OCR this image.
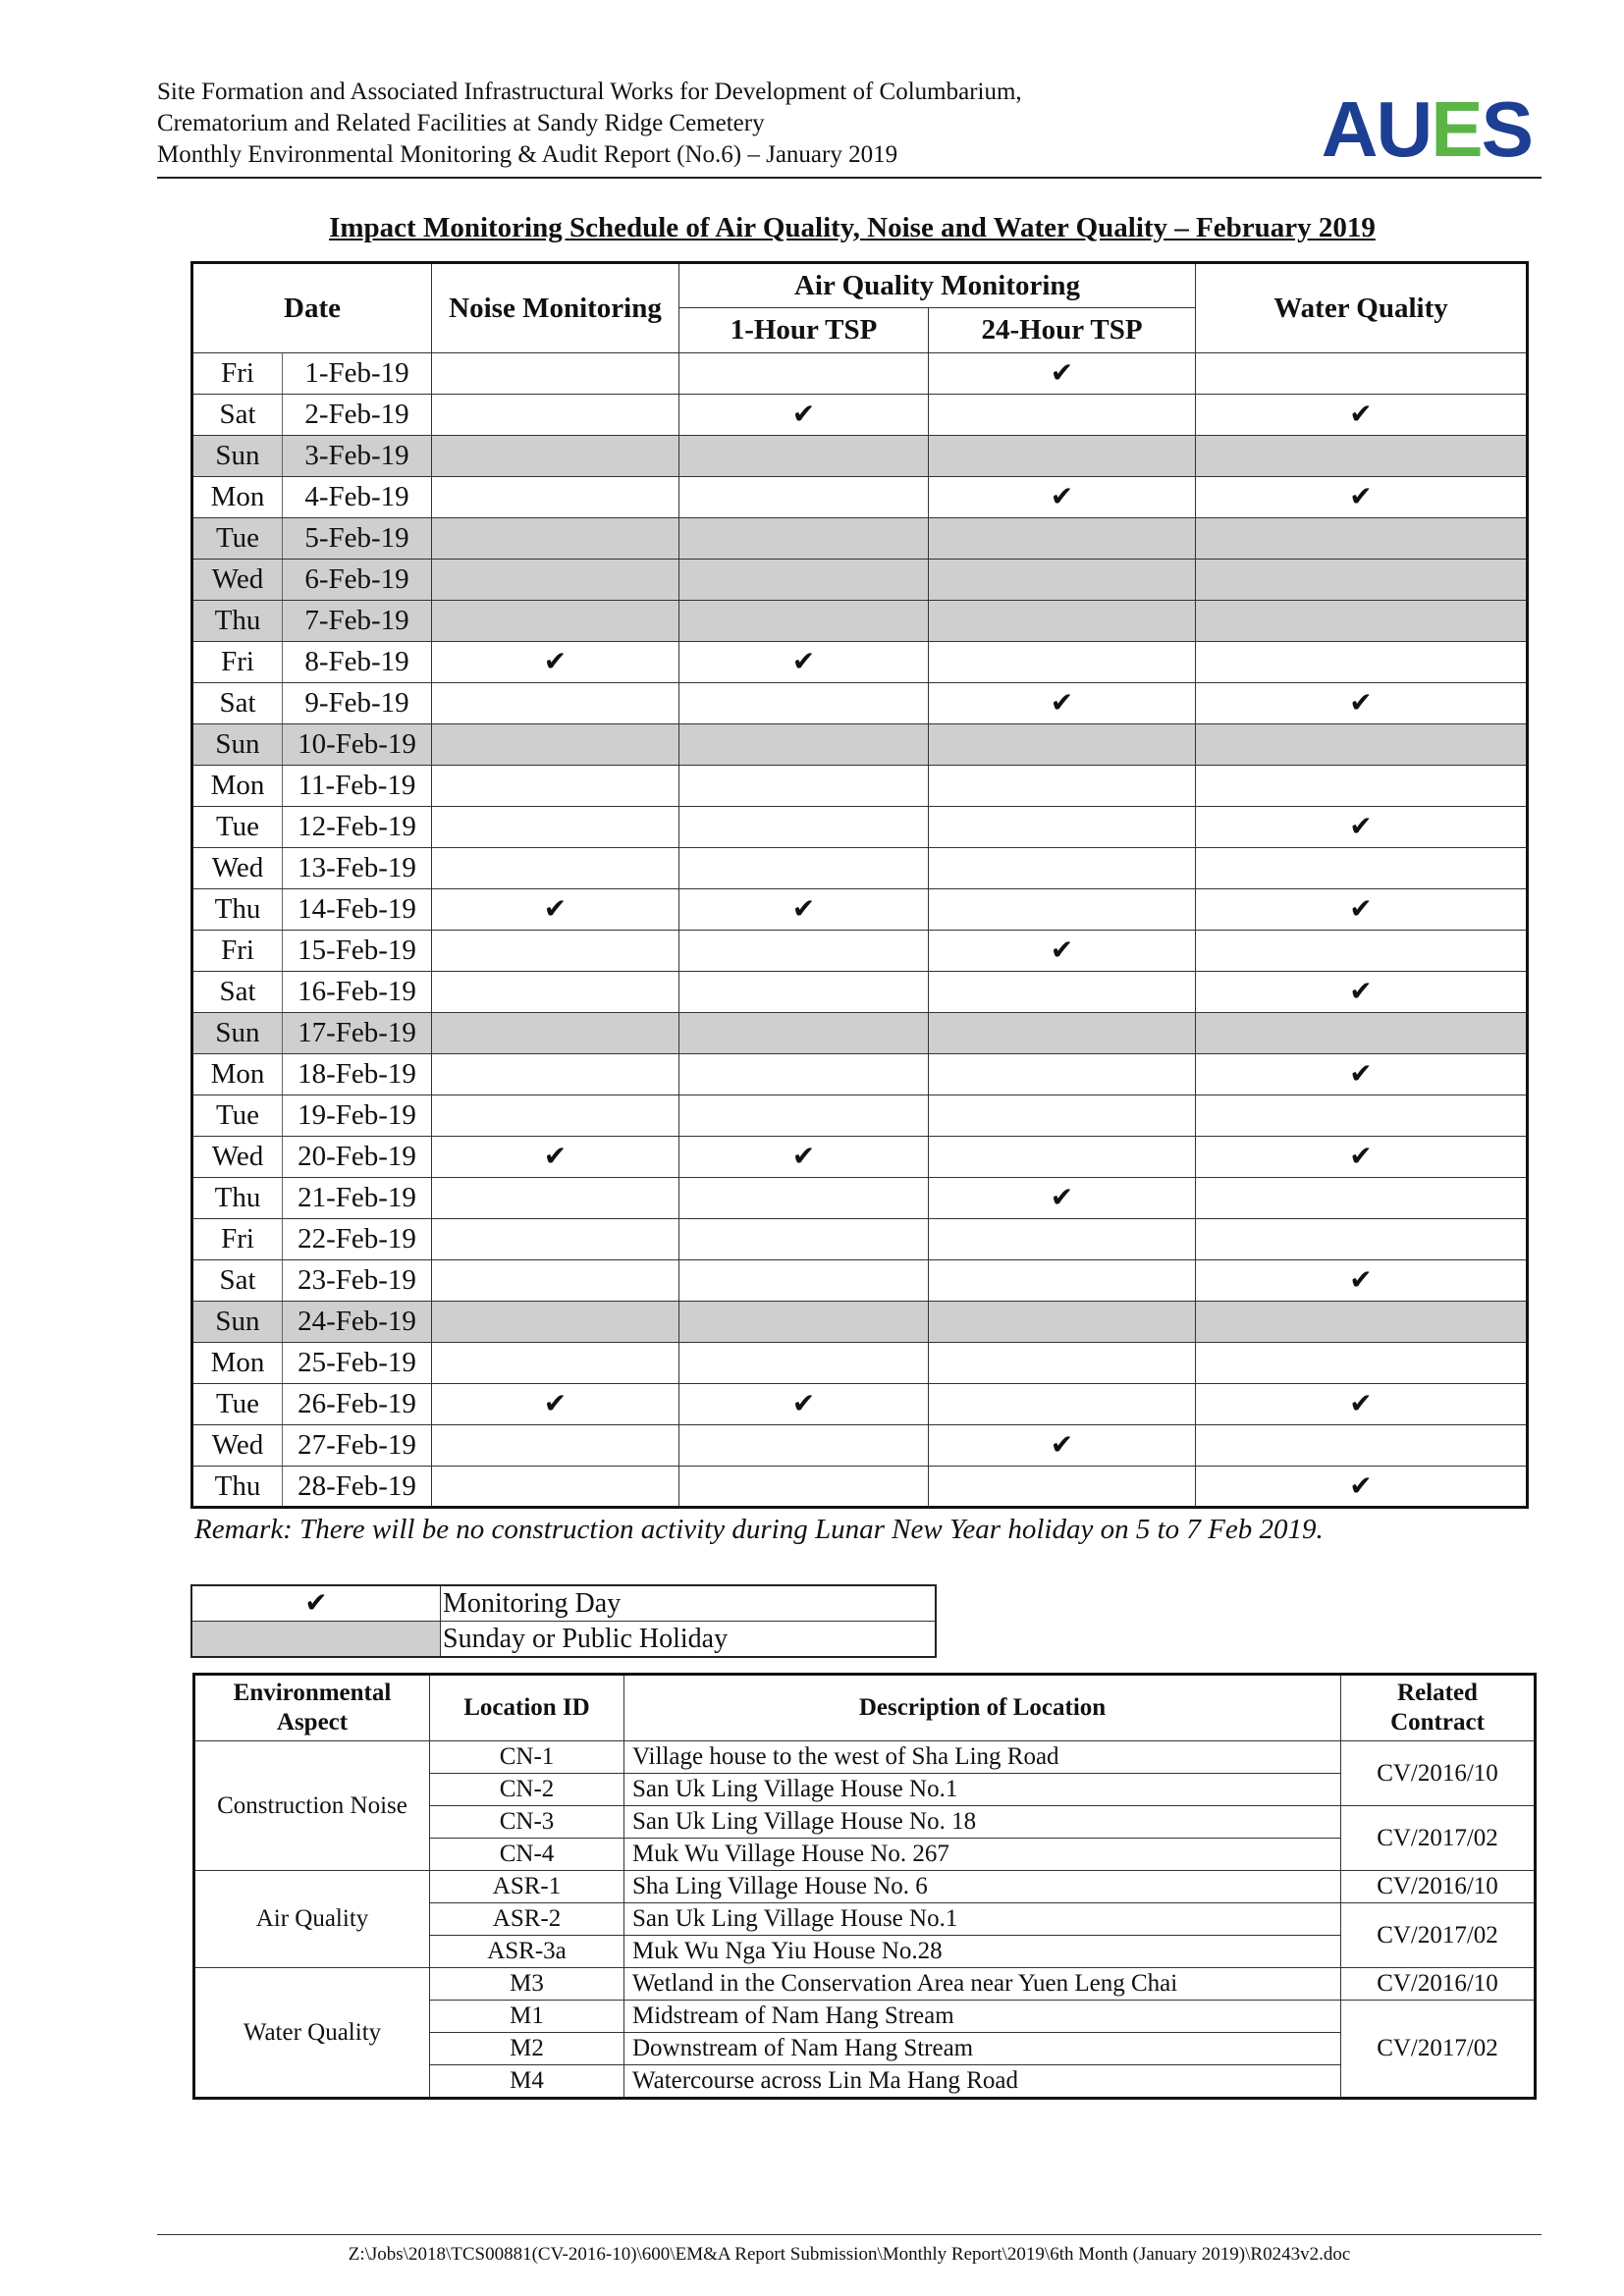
Site Formation and Associated Infrastructural Works for Development of Columbarium,
Crematorium and Related Facilities at Sandy Ridge Cemetery
Monthly Environmental Monitoring & Audit Report (No.6) – January 2019	AUES
Impact Monitoring Schedule of Air Quality, Noise and Water Quality – February 2019
Date		Noise Monitoring	Air Quality Monitoring		Water Quality
			1-Hour TSP	24-Hour TSP	
Fri	1-Feb-19			✔	
Sat	2-Feb-19		✔		✔
Sun	3-Feb-19				
Mon	4-Feb-19			✔	✔
Tue	5-Feb-19				
Wed	6-Feb-19				
Thu	7-Feb-19				
Fri	8-Feb-19	✔	✔		
Sat	9-Feb-19			✔	✔
Sun	10-Feb-19				
Mon	11-Feb-19				
Tue	12-Feb-19				✔
Wed	13-Feb-19				
Thu	14-Feb-19	✔	✔		✔
Fri	15-Feb-19			✔	
Sat	16-Feb-19				✔
Sun	17-Feb-19				
Mon	18-Feb-19				✔
Tue	19-Feb-19				
Wed	20-Feb-19	✔	✔		✔
Thu	21-Feb-19			✔	
Fri	22-Feb-19				
Sat	23-Feb-19				✔
Sun	24-Feb-19				
Mon	25-Feb-19				
Tue	26-Feb-19	✔	✔		✔
Wed	27-Feb-19			✔	
Thu	28-Feb-19				✔
Remark: There will be no construction activity during Lunar New Year holiday on 5 to 7 Feb 2019.
✔	Monitoring Day
	Sunday or Public Holiday
Environmental Aspect	Location ID	Description of Location	Related Contract
Construction Noise	CN-1	Village house to the west of Sha Ling Road	CV/2016/10
	CN-2	San Uk Ling Village House No.1	
	CN-3	San Uk Ling Village House No. 18	CV/2017/02
	CN-4	Muk Wu Village House No. 267	
Air Quality	ASR-1	Sha Ling Village House No. 6	CV/2016/10
	ASR-2	San Uk Ling Village House No.1	CV/2017/02
	ASR-3a	Muk Wu Nga Yiu House No.28	
Water Quality	M3	Wetland in the Conservation Area near Yuen Leng Chai	CV/2016/10
	M1	Midstream of Nam Hang Stream	CV/2017/02
	M2	Downstream of Nam Hang Stream	
	M4	Watercourse across Lin Ma Hang Road	
Z:\Jobs\2018\TCS00881(CV-2016-10)\600\EM&A Report Submission\Monthly Report\2019\6th Month (January 2019)\R0243v2.doc
